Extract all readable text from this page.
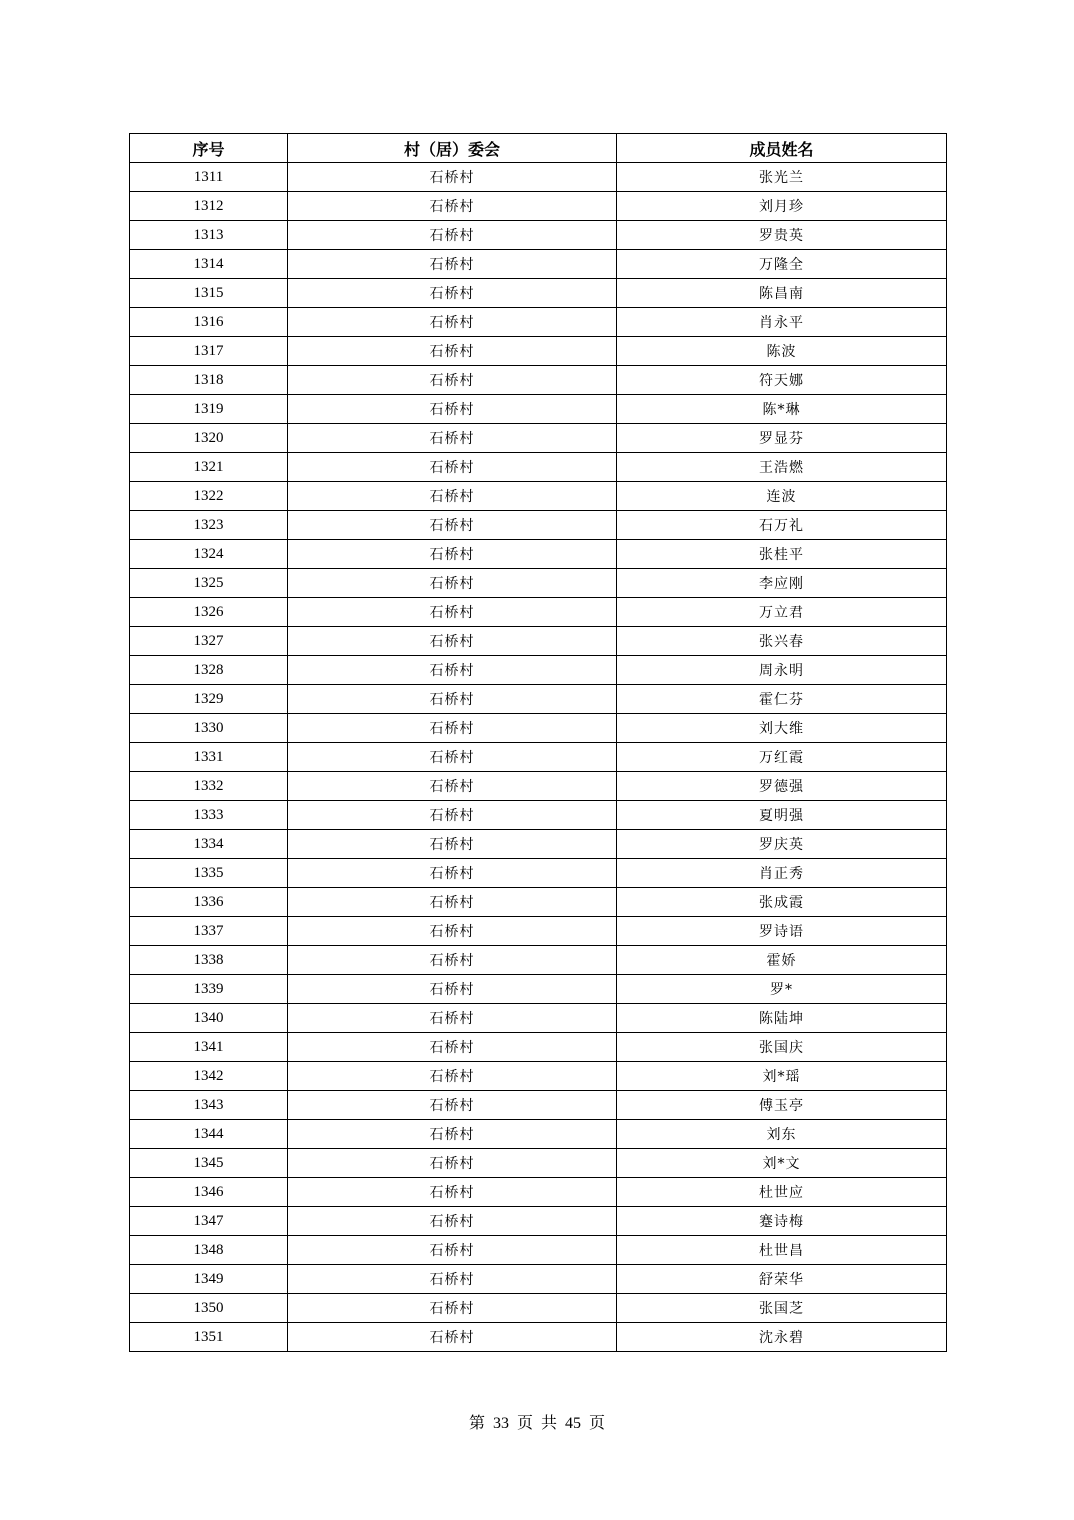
序号	村（居）委会	成员姓名
1311	石桥村	张光兰
1312	石桥村	刘月珍
1313	石桥村	罗贵英
1314	石桥村	万隆全
1315	石桥村	陈昌南
1316	石桥村	肖永平
1317	石桥村	陈波
1318	石桥村	符天娜
1319	石桥村	陈*琳
1320	石桥村	罗显芬
1321	石桥村	王浩燃
1322	石桥村	连波
1323	石桥村	石万礼
1324	石桥村	张桂平
1325	石桥村	李应刚
1326	石桥村	万立君
1327	石桥村	张兴春
1328	石桥村	周永明
1329	石桥村	霍仁芬
1330	石桥村	刘大维
1331	石桥村	万红霞
1332	石桥村	罗德强
1333	石桥村	夏明强
1334	石桥村	罗庆英
1335	石桥村	肖正秀
1336	石桥村	张成霞
1337	石桥村	罗诗语
1338	石桥村	霍娇
1339	石桥村	罗*
1340	石桥村	陈陆坤
1341	石桥村	张国庆
1342	石桥村	刘*瑶
1343	石桥村	傅玉亭
1344	石桥村	刘东
1345	石桥村	刘*文
1346	石桥村	杜世应
1347	石桥村	蹇诗梅
1348	石桥村	杜世昌
1349	石桥村	舒荣华
1350	石桥村	张国芝
1351	石桥村	沈永碧
第 33 页 共 45 页
